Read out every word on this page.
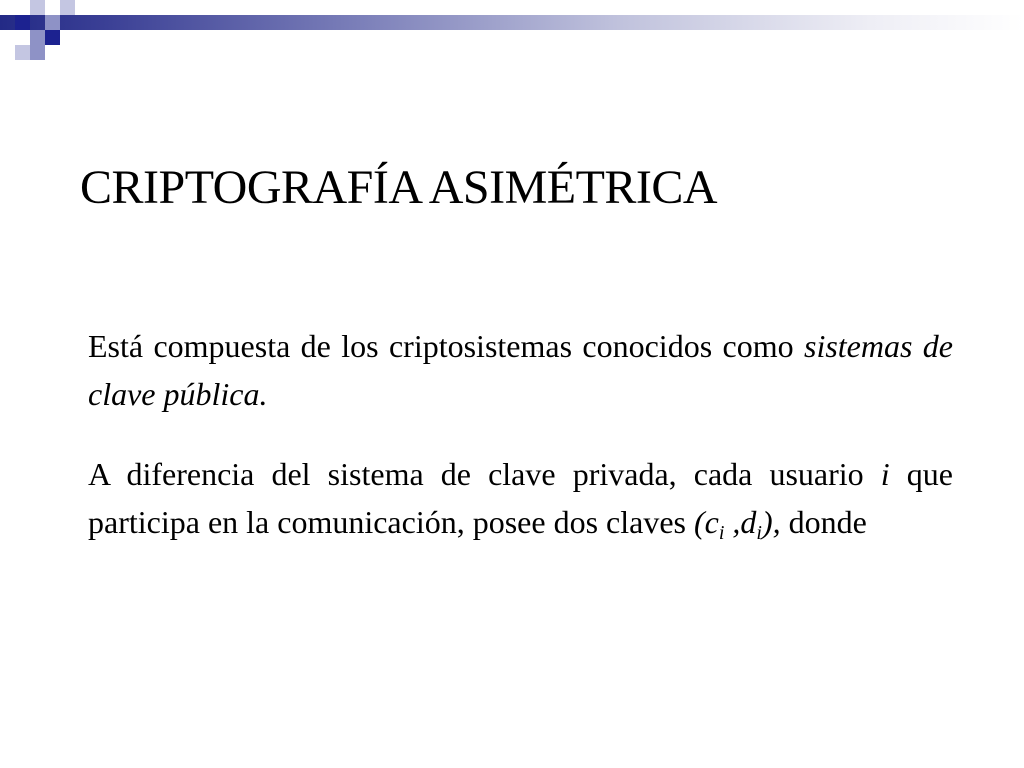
CRIPTOGRAFÍA ASIMÉTRICA

Está compuesta de los criptosistemas conocidos como sistemas de clave pública.

A diferencia del sistema de clave privada, cada usuario i que participa en la comunicación, posee dos claves ($c_i$ $,d_i$), donde
